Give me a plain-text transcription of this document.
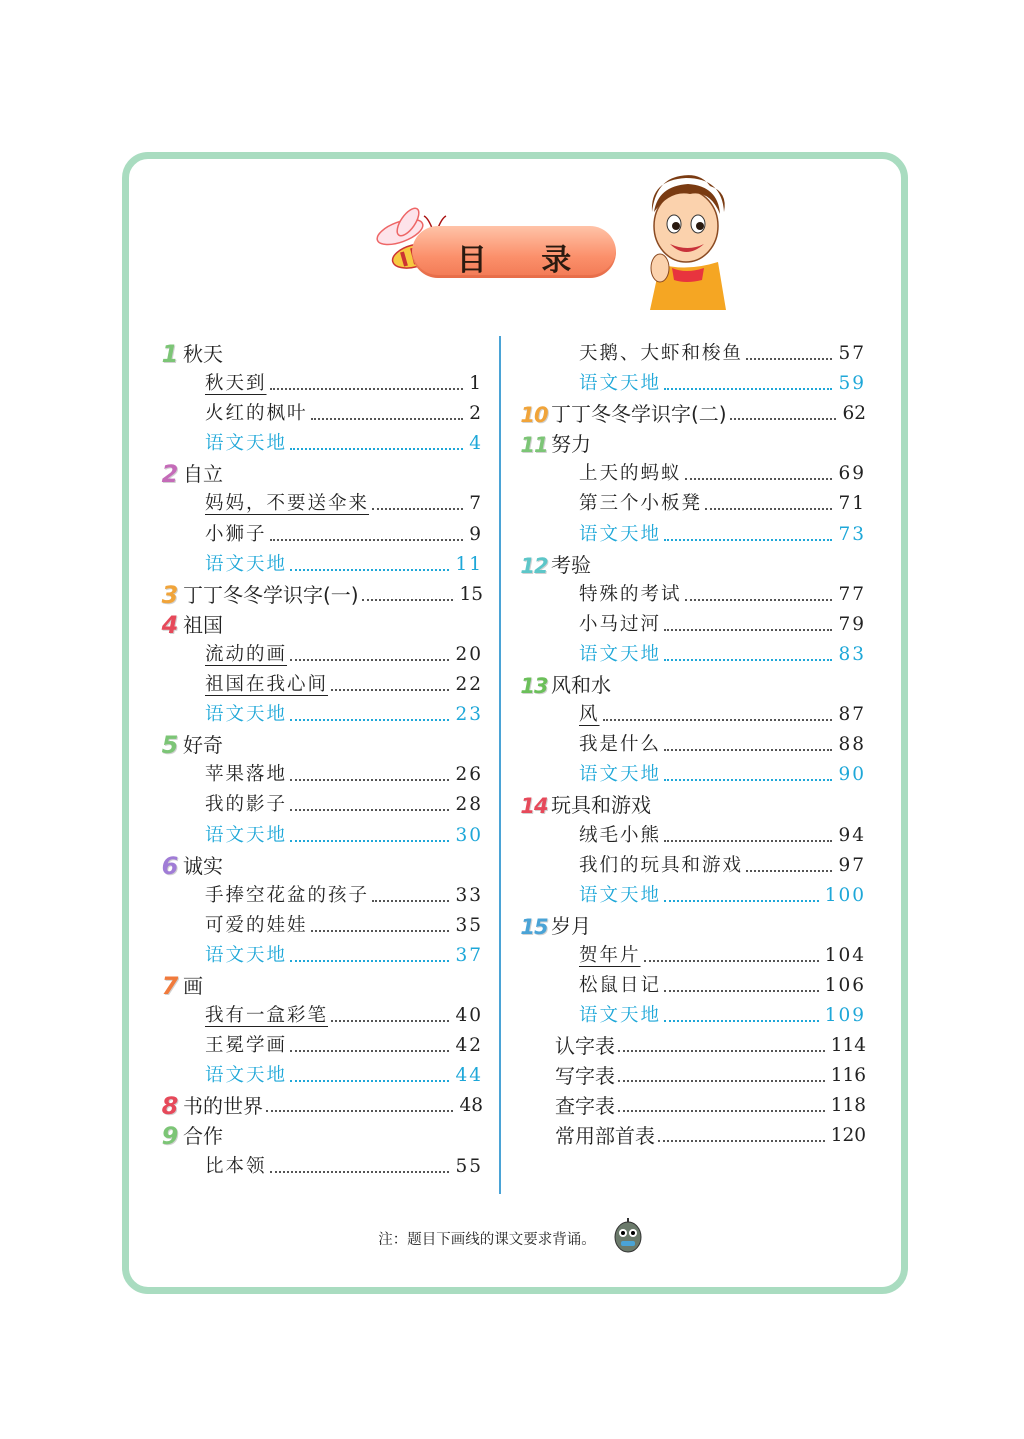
目 录
1 秋天
秋天到	1
火红的枫叶	2
语文天地	4
2 自立
妈妈，不要送伞来	7
小狮子	9
语文天地	11
3 丁丁冬冬学识字(一)	15
4 祖国
流动的画	20
祖国在我心间	22
语文天地	23
5 好奇
苹果落地	26
我的影子	28
语文天地	30
6 诚实
手捧空花盆的孩子	33
可爱的娃娃	35
语文天地	37
7 画
我有一盒彩笔	40
王冕学画	42
语文天地	44
8 书的世界	48
9 合作
比本领	55
天鹅、大虾和梭鱼	57
语文天地	59
10 丁丁冬冬学识字(二)	62
11 努力
上天的蚂蚁	69
第三个小板凳	71
语文天地	73
12 考验
特殊的考试	77
小马过河	79
语文天地	83
13 风和水
风	87
我是什么	88
语文天地	90
14 玩具和游戏
绒毛小熊	94
我们的玩具和游戏	97
语文天地	100
15 岁月
贺年片	104
松鼠日记	106
语文天地	109
认字表	114
写字表	116
查字表	118
常用部首表	120
注：题目下画线的课文要求背诵。
